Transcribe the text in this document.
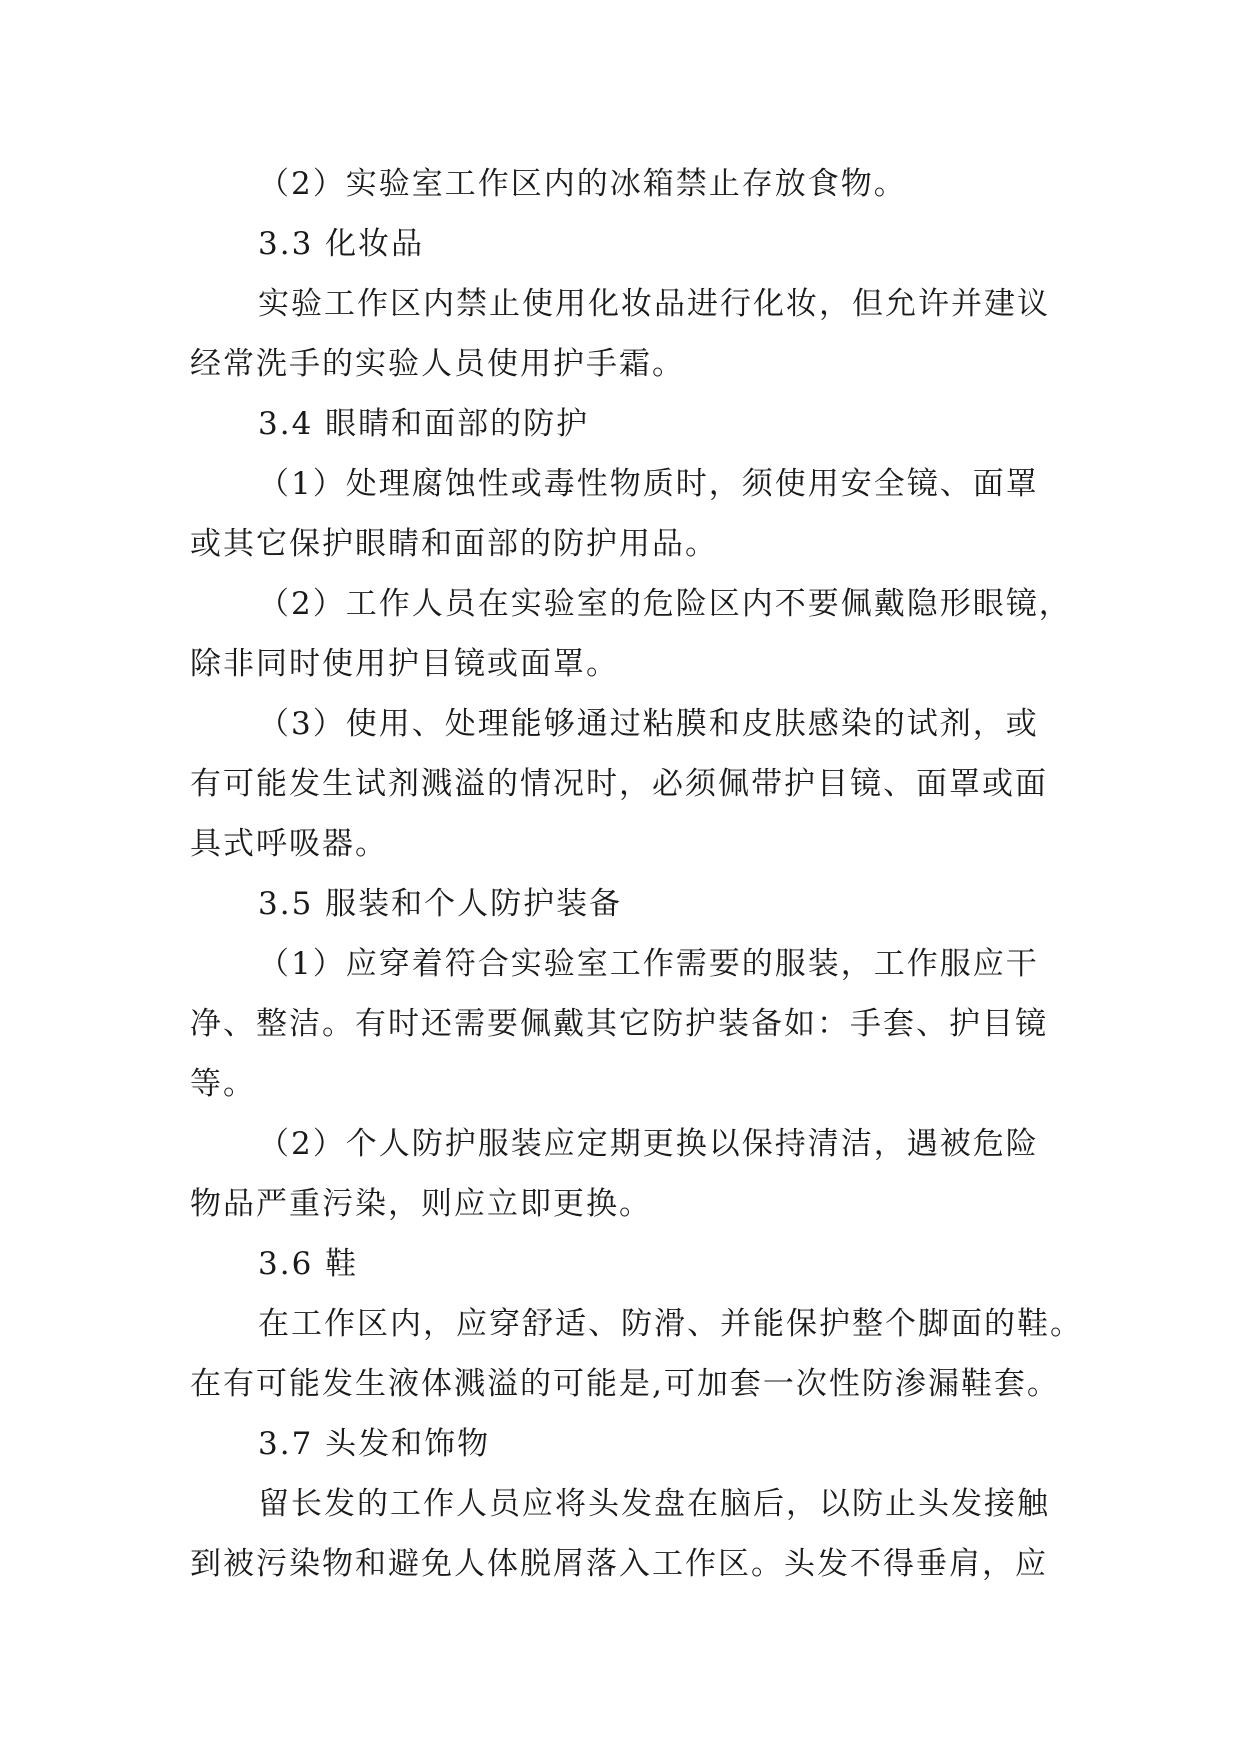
（2）实验室工作区内的冰箱禁止存放食物。
3.3 化妆品
实验工作区内禁止使用化妆品进行化妆，但允许并建议
经常洗手的实验人员使用护手霜。
3.4 眼睛和面部的防护
（1）处理腐蚀性或毒性物质时，须使用安全镜、面罩
或其它保护眼睛和面部的防护用品。
（2）工作人员在实验室的危险区内不要佩戴隐形眼镜，
除非同时使用护目镜或面罩。
（3）使用、处理能够通过粘膜和皮肤感染的试剂，或
有可能发生试剂溅溢的情况时，必须佩带护目镜、面罩或面
具式呼吸器。
3.5 服装和个人防护装备
（1）应穿着符合实验室工作需要的服装，工作服应干
净、整洁。有时还需要佩戴其它防护装备如：手套、护目镜
等。
（2）个人防护服装应定期更换以保持清洁，遇被危险
物品严重污染，则应立即更换。
3.6 鞋
在工作区内，应穿舒适、防滑、并能保护整个脚面的鞋。
在有可能发生液体溅溢的可能是,可加套一次性防渗漏鞋套。
3.7 头发和饰物
留长发的工作人员应将头发盘在脑后，以防止头发接触
到被污染物和避免人体脱屑落入工作区。头发不得垂肩，应
